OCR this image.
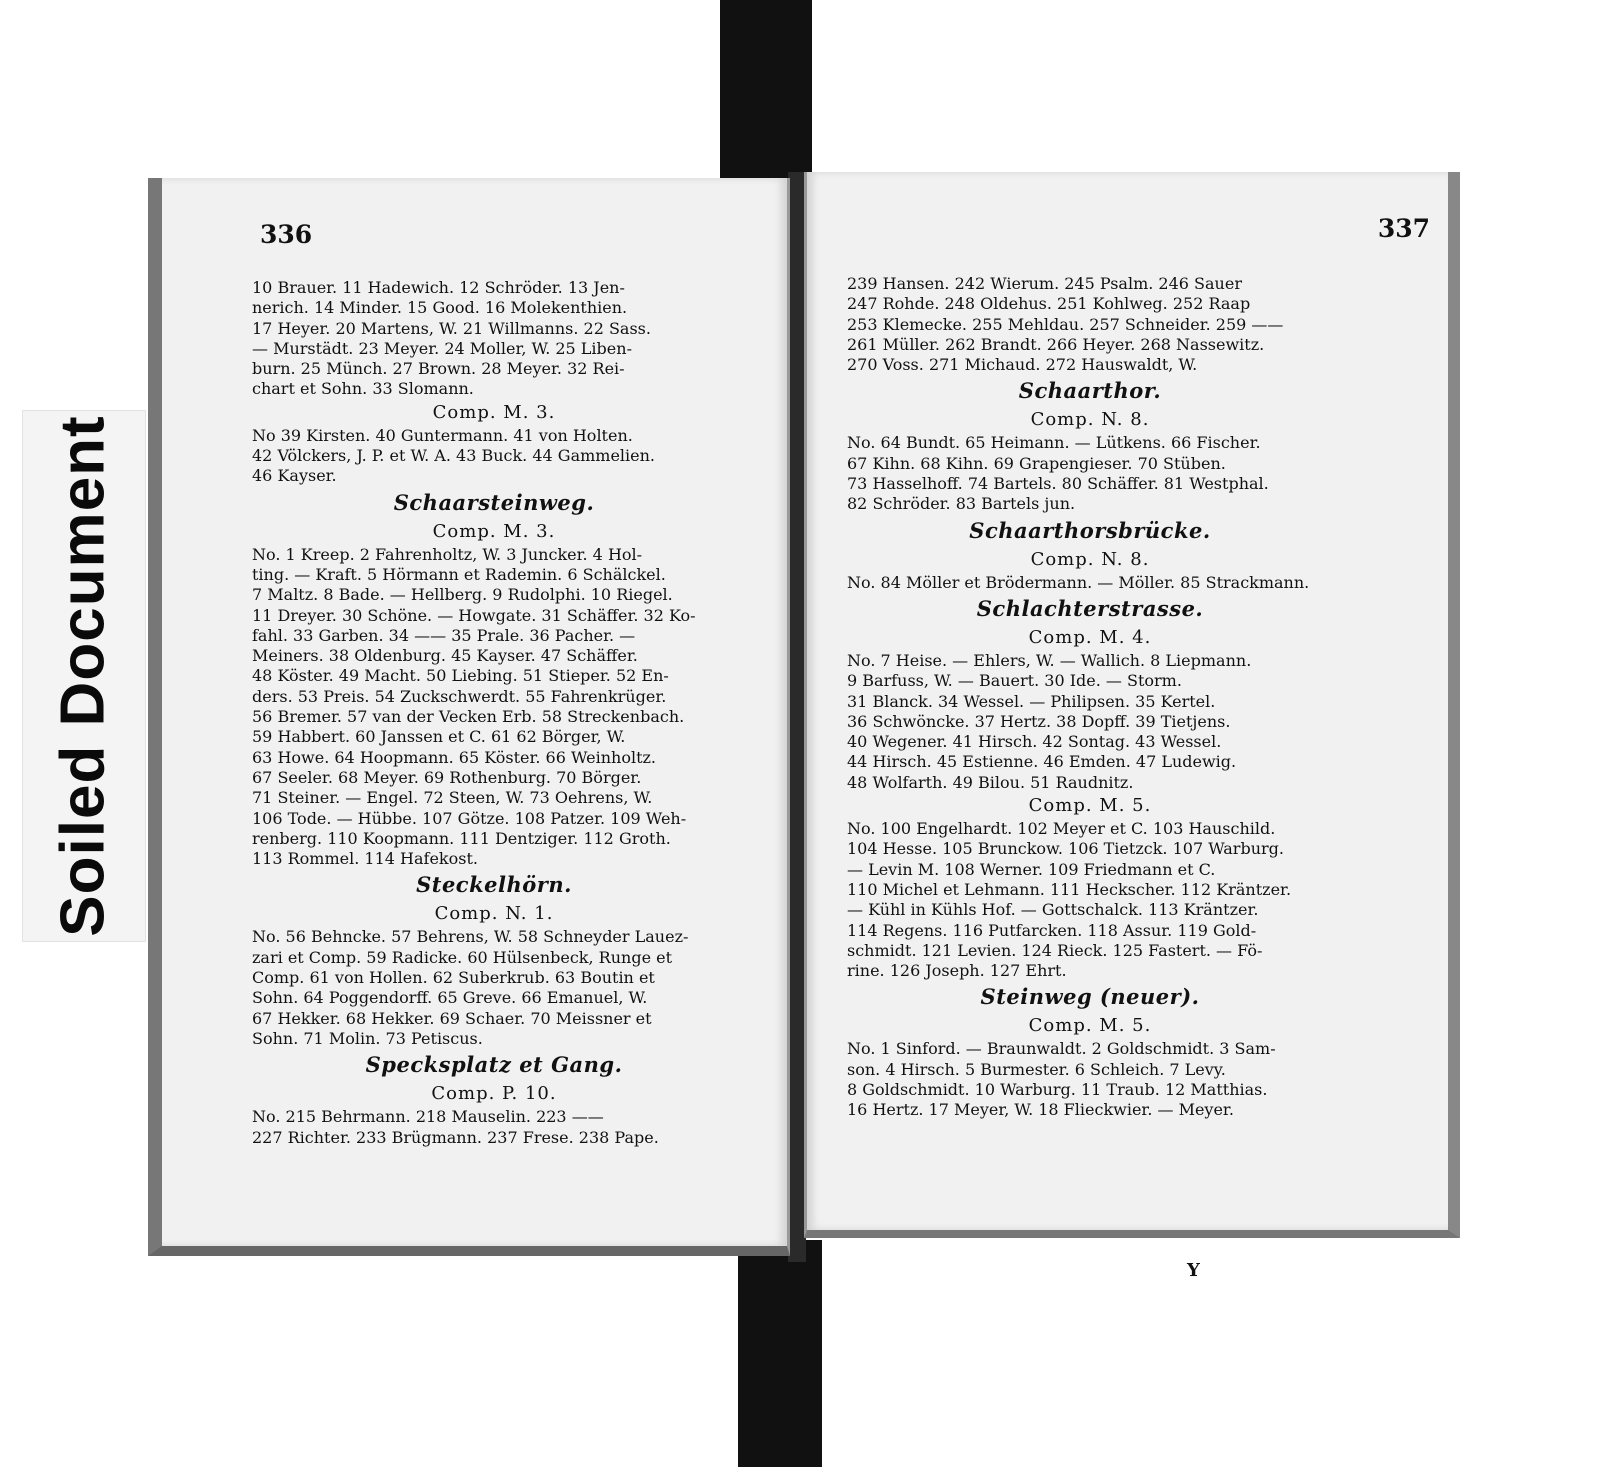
Soiled Document
336
10 Brauer. 11 Hadewich. 12 Schröder. 13 Jen-
nerich. 14 Minder. 15 Good. 16 Molekenthien.
17 Heyer. 20 Martens, W. 21 Willmanns. 22 Sass.
— Murstädt. 23 Meyer. 24 Moller, W. 25 Liben-
burn. 25 Münch. 27 Brown. 28 Meyer. 32 Rei-
chart et Sohn. 33 Slomann.
Comp. M. 3.
No 39 Kirsten. 40 Guntermann. 41 von Holten.
42 Völckers, J. P. et W. A. 43 Buck. 44 Gammelien.
46 Kayser.
Schaarsteinweg.
Comp. M. 3.
No. 1 Kreep. 2 Fahrenholtz, W. 3 Juncker. 4 Hol-
ting. — Kraft. 5 Hörmann et Rademin. 6 Schälckel.
7 Maltz. 8 Bade. — Hellberg. 9 Rudolphi. 10 Riegel.
11 Dreyer. 30 Schöne. — Howgate. 31 Schäffer. 32 Ko-
fahl. 33 Garben. 34 —— 35 Prale. 36 Pacher. —
Meiners. 38 Oldenburg. 45 Kayser. 47 Schäffer.
48 Köster. 49 Macht. 50 Liebing. 51 Stieper. 52 En-
ders. 53 Preis. 54 Zuckschwerdt. 55 Fahrenkrüger.
56 Bremer. 57 van der Vecken Erb. 58 Streckenbach.
59 Habbert. 60 Janssen et C. 61 62 Börger, W.
63 Howe. 64 Hoopmann. 65 Köster. 66 Weinholtz.
67 Seeler. 68 Meyer. 69 Rothenburg. 70 Börger.
71 Steiner. — Engel. 72 Steen, W. 73 Oehrens, W.
106 Tode. — Hübbe. 107 Götze. 108 Patzer. 109 Weh-
renberg. 110 Koopmann. 111 Dentziger. 112 Groth.
113 Rommel. 114 Hafekost.
Steckelhörn.
Comp. N. 1.
No. 56 Behncke. 57 Behrens, W. 58 Schneyder Lauez-
zari et Comp. 59 Radicke. 60 Hülsenbeck, Runge et
Comp. 61 von Hollen. 62 Suberkrub. 63 Boutin et
Sohn. 64 Poggendorff. 65 Greve. 66 Emanuel, W.
67 Hekker. 68 Hekker. 69 Schaer. 70 Meissner et
Sohn. 71 Molin. 73 Petiscus.
Specksplatz et Gang.
Comp. P. 10.
No. 215 Behrmann. 218 Mauselin. 223 ——
227 Richter. 233 Brügmann. 237 Frese. 238 Pape.
337
239 Hansen. 242 Wierum. 245 Psalm. 246 Sauer
247 Rohde. 248 Oldehus. 251 Kohlweg. 252 Raap
253 Klemecke. 255 Mehldau. 257 Schneider. 259 ——
261 Müller. 262 Brandt. 266 Heyer. 268 Nassewitz.
270 Voss. 271 Michaud. 272 Hauswaldt, W.
Schaarthor.
Comp. N. 8.
No. 64 Bundt. 65 Heimann. — Lütkens. 66 Fischer.
67 Kihn. 68 Kihn. 69 Grapengieser. 70 Stüben.
73 Hasselhoff. 74 Bartels. 80 Schäffer. 81 Westphal.
82 Schröder. 83 Bartels jun.
Schaarthorsbrücke.
Comp. N. 8.
No. 84 Möller et Brödermann. — Möller. 85 Strackmann.
Schlachterstrasse.
Comp. M. 4.
No. 7 Heise. — Ehlers, W. — Wallich. 8 Liepmann.
9 Barfuss, W. — Bauert. 30 Ide. — Storm.
31 Blanck. 34 Wessel. — Philipsen. 35 Kertel.
36 Schwöncke. 37 Hertz. 38 Dopff. 39 Tietjens.
40 Wegener. 41 Hirsch. 42 Sontag. 43 Wessel.
44 Hirsch. 45 Estienne. 46 Emden. 47 Ludewig.
48 Wolfarth. 49 Bilou. 51 Raudnitz.
Comp. M. 5.
No. 100 Engelhardt. 102 Meyer et C. 103 Hauschild.
104 Hesse. 105 Brunckow. 106 Tietzck. 107 Warburg.
— Levin M. 108 Werner. 109 Friedmann et C.
110 Michel et Lehmann. 111 Heckscher. 112 Kräntzer.
— Kühl in Kühls Hof. — Gottschalck. 113 Kräntzer.
114 Regens. 116 Putfarcken. 118 Assur. 119 Gold-
schmidt. 121 Levien. 124 Rieck. 125 Fastert. — Fö-
rine. 126 Joseph. 127 Ehrt.
Steinweg (neuer).
Comp. M. 5.
No. 1 Sinford. — Braunwaldt. 2 Goldschmidt. 3 Sam-
son. 4 Hirsch. 5 Burmester. 6 Schleich. 7 Levy.
8 Goldschmidt. 10 Warburg. 11 Traub. 12 Matthias.
16 Hertz. 17 Meyer, W. 18 Flieckwier. — Meyer.
Y
